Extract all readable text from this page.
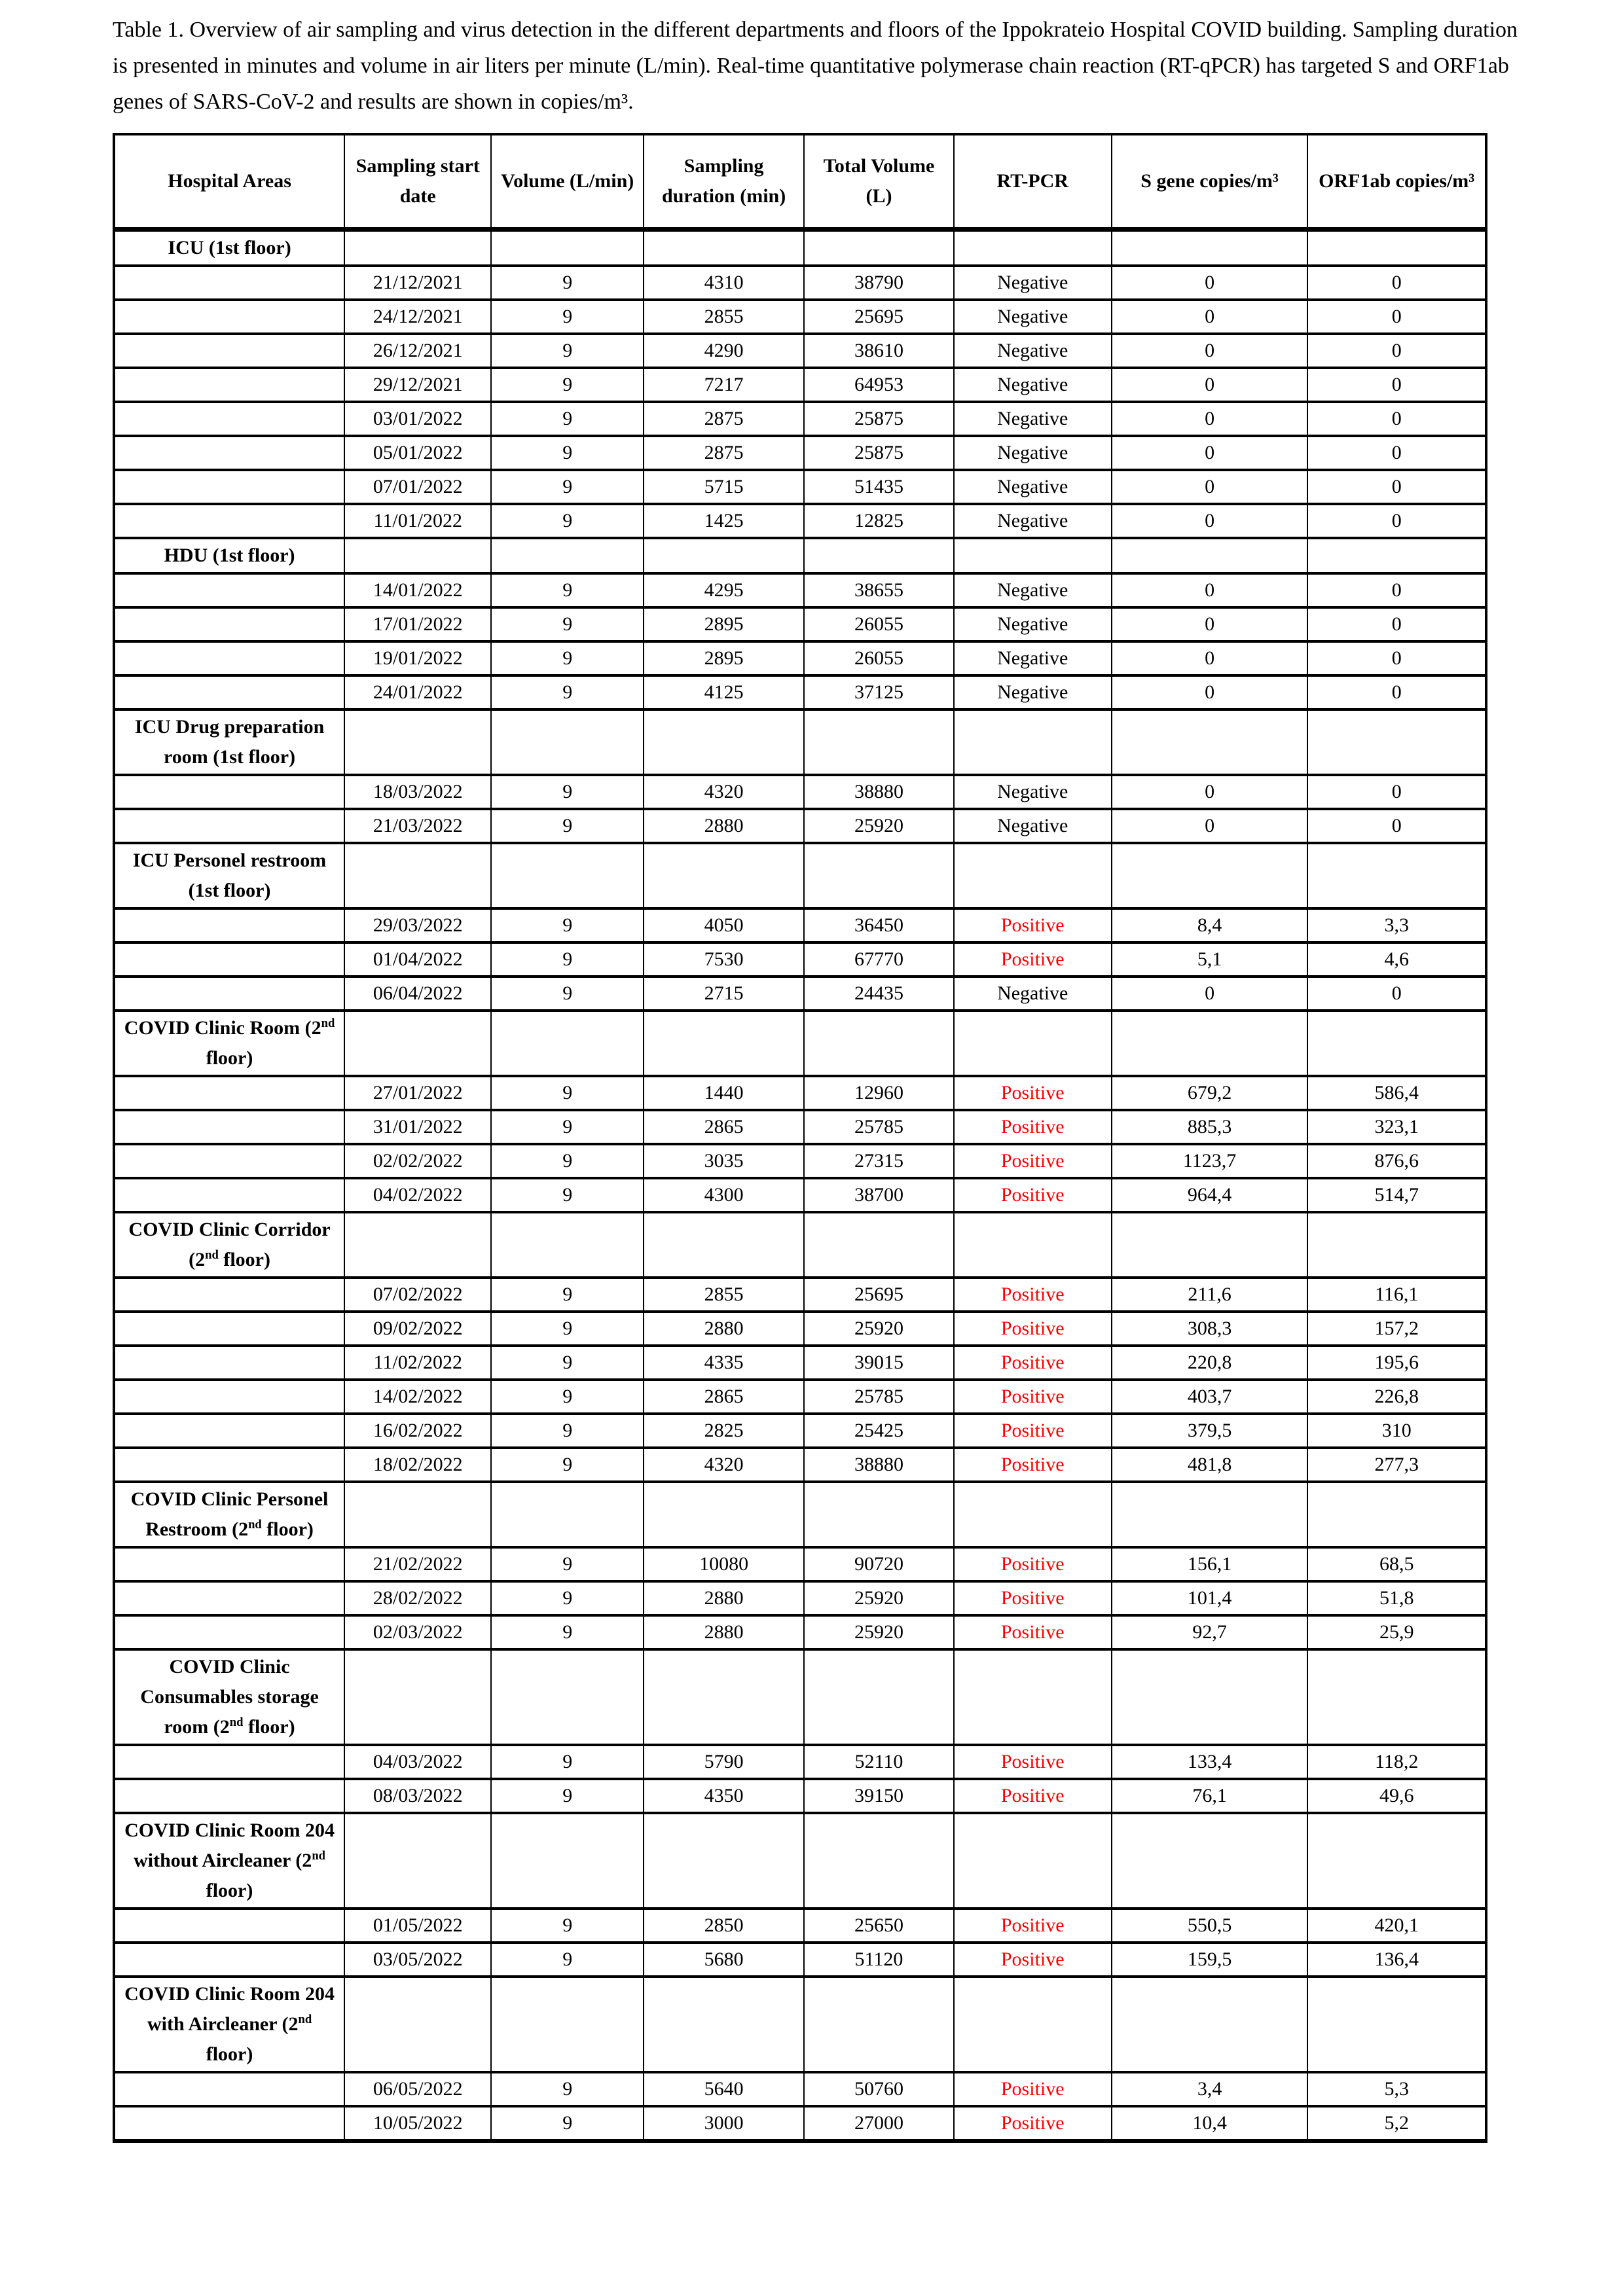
Table 1. Overview of air sampling and virus detection in the different departments and floors of the Ippokrateio Hospital COVID building. Sampling duration is presented in minutes and volume in air liters per minute (L/min). Real-time quantitative polymerase chain reaction (RT-qPCR) has targeted S and ORF1ab genes of SARS-CoV-2 and results are shown in copies/m³.

Hospital Areas	Sampling start date	Volume (L/min)	Sampling duration (min)	Total Volume (L)	RT-PCR	S gene copies/m³	ORF1ab copies/m³
ICU (1st floor)							
	21/12/2021	9	4310	38790	Negative	0	0
	24/12/2021	9	2855	25695	Negative	0	0
	26/12/2021	9	4290	38610	Negative	0	0
	29/12/2021	9	7217	64953	Negative	0	0
	03/01/2022	9	2875	25875	Negative	0	0
	05/01/2022	9	2875	25875	Negative	0	0
	07/01/2022	9	5715	51435	Negative	0	0
	11/01/2022	9	1425	12825	Negative	0	0
HDU (1st floor)							
	14/01/2022	9	4295	38655	Negative	0	0
	17/01/2022	9	2895	26055	Negative	0	0
	19/01/2022	9	2895	26055	Negative	0	0
	24/01/2022	9	4125	37125	Negative	0	0
ICU Drug preparation room (1st floor)							
	18/03/2022	9	4320	38880	Negative	0	0
	21/03/2022	9	2880	25920	Negative	0	0
ICU Personel restroom (1st floor)							
	29/03/2022	9	4050	36450	Positive	8,4	3,3
	01/04/2022	9	7530	67770	Positive	5,1	4,6
	06/04/2022	9	2715	24435	Negative	0	0
COVID Clinic Room (2nd floor)							
	27/01/2022	9	1440	12960	Positive	679,2	586,4
	31/01/2022	9	2865	25785	Positive	885,3	323,1
	02/02/2022	9	3035	27315	Positive	1123,7	876,6
	04/02/2022	9	4300	38700	Positive	964,4	514,7
COVID Clinic Corridor (2nd floor)							
	07/02/2022	9	2855	25695	Positive	211,6	116,1
	09/02/2022	9	2880	25920	Positive	308,3	157,2
	11/02/2022	9	4335	39015	Positive	220,8	195,6
	14/02/2022	9	2865	25785	Positive	403,7	226,8
	16/02/2022	9	2825	25425	Positive	379,5	310
	18/02/2022	9	4320	38880	Positive	481,8	277,3
COVID Clinic Personel Restroom (2nd floor)							
	21/02/2022	9	10080	90720	Positive	156,1	68,5
	28/02/2022	9	2880	25920	Positive	101,4	51,8
	02/03/2022	9	2880	25920	Positive	92,7	25,9
COVID Clinic Consumables storage room (2nd floor)							
	04/03/2022	9	5790	52110	Positive	133,4	118,2
	08/03/2022	9	4350	39150	Positive	76,1	49,6
COVID Clinic Room 204 without Aircleaner (2nd floor)							
	01/05/2022	9	2850	25650	Positive	550,5	420,1
	03/05/2022	9	5680	51120	Positive	159,5	136,4
COVID Clinic Room 204 with Aircleaner (2nd floor)							
	06/05/2022	9	5640	50760	Positive	3,4	5,3
	10/05/2022	9	3000	27000	Positive	10,4	5,2
